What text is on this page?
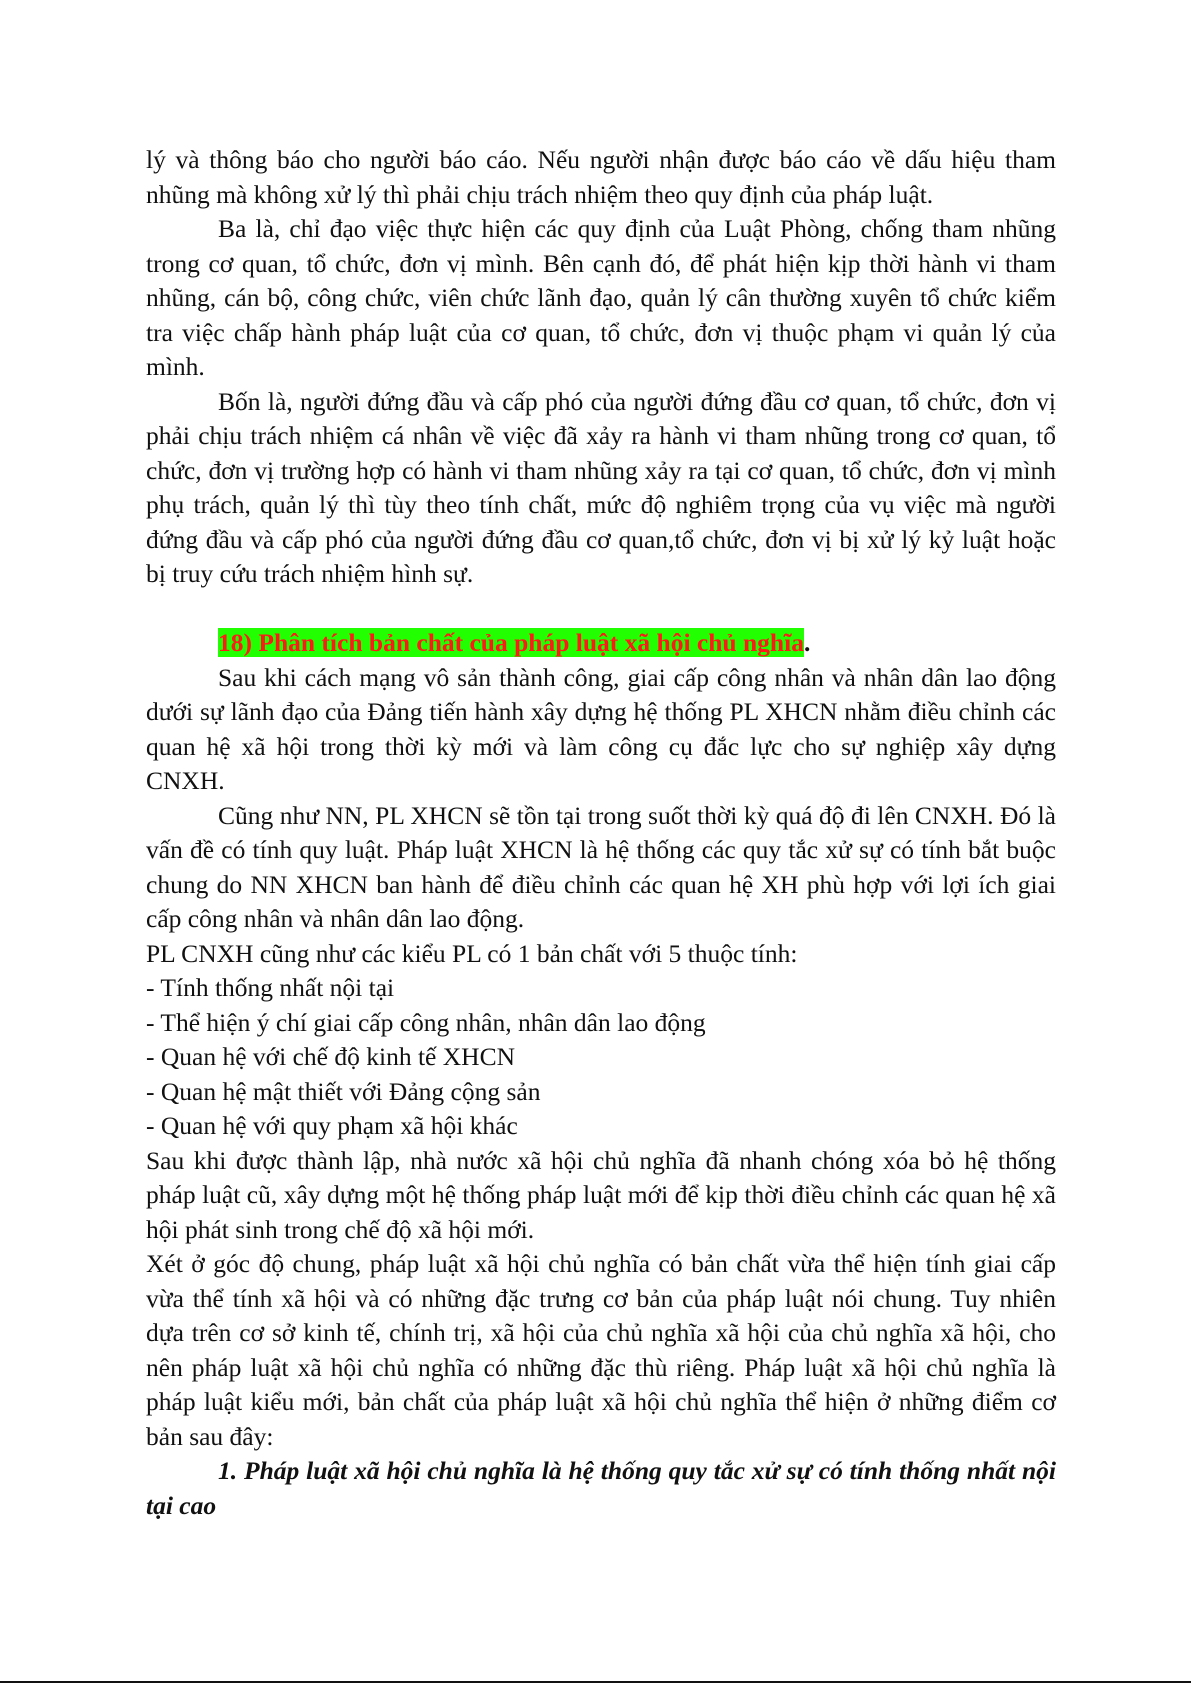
lý và thông báo cho người báo cáo. Nếu người nhận được báo cáo về dấu hiệu tham nhũng mà không xử lý thì phải chịu trách nhiệm theo quy định của pháp luật.

Ba là, chỉ đạo việc thực hiện các quy định của Luật Phòng, chống tham nhũng trong cơ quan, tổ chức, đơn vị mình. Bên cạnh đó, để phát hiện kịp thời hành vi tham nhũng, cán bộ, công chức, viên chức lãnh đạo, quản lý cân thường xuyên tổ chức kiểm tra việc chấp hành pháp luật của cơ quan, tổ chức, đơn vị thuộc phạm vi quản lý của mình.

Bốn là, người đứng đầu và cấp phó của người đứng đầu cơ quan, tổ chức, đơn vị phải chịu trách nhiệm cá nhân về việc đã xảy ra hành vi tham nhũng trong cơ quan, tổ chức, đơn vị trường hợp có hành vi tham nhũng xảy ra tại cơ quan, tổ chức, đơn vị mình phụ trách, quản lý thì tùy theo tính chất, mức độ nghiêm trọng của vụ việc mà người đứng đầu và cấp phó của người đứng đầu cơ quan,tổ chức, đơn vị bị xử lý kỷ luật hoặc bị truy cứu trách nhiệm hình sự.

18) Phân tích bản chất của pháp luật xã hội chủ nghĩa.

Sau khi cách mạng vô sản thành công, giai cấp công nhân và nhân dân lao động dưới sự lãnh đạo của Đảng tiến hành xây dựng hệ thống PL XHCN nhằm điều chỉnh các quan hệ xã hội trong thời kỳ mới và làm công cụ đắc lực cho sự nghiệp xây dựng CNXH.

Cũng như NN, PL XHCN sẽ tồn tại trong suốt thời kỳ quá độ đi lên CNXH. Đó là vấn đề có tính quy luật. Pháp luật XHCN là hệ thống các quy tắc xử sự có tính bắt buộc chung do NN XHCN ban hành để điều chỉnh các quan hệ XH phù hợp với lợi ích giai cấp công nhân và nhân dân lao động.

PL CNXH cũng như các kiểu PL có 1 bản chất với 5 thuộc tính:

- Tính thống nhất nội tại

- Thể hiện ý chí giai cấp công nhân, nhân dân lao động

- Quan hệ với chế độ kinh tế XHCN

- Quan hệ mật thiết với Đảng cộng sản

- Quan hệ với quy phạm xã hội khác

Sau khi được thành lập, nhà nước xã hội chủ nghĩa đã nhanh chóng xóa bỏ hệ thống pháp luật cũ, xây dựng một hệ thống pháp luật mới để kịp thời điều chỉnh các quan hệ xã hội phát sinh trong chế độ xã hội mới.

Xét ở góc độ chung, pháp luật xã hội chủ nghĩa có bản chất vừa thể hiện tính giai cấp vừa thể tính xã hội và có những đặc trưng cơ bản của pháp luật nói chung. Tuy nhiên dựa trên cơ sở kinh tế, chính trị, xã hội của chủ nghĩa xã hội của chủ nghĩa xã hội, cho nên pháp luật xã hội chủ nghĩa có những đặc thù riêng. Pháp luật xã hội chủ nghĩa là pháp luật kiểu mới, bản chất của pháp luật xã hội chủ nghĩa thể hiện ở những điểm cơ bản sau đây:

1. Pháp luật xã hội chủ nghĩa là hệ thống quy tắc xử sự có tính thống nhất nội tại cao
